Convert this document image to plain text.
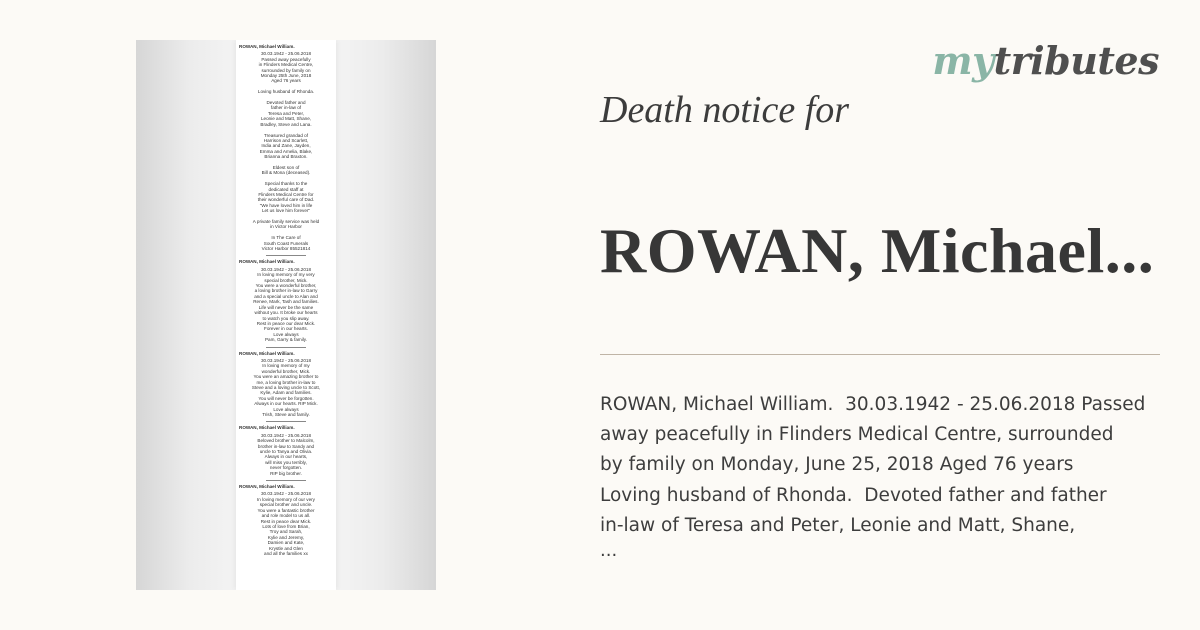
ROWAN, Michael William.
30.03.1942 - 25.06.2018
Passed away peacefully
in Flinders Medical Centre,
surrounded by family on
Monday 25th June, 2018
Aged 76 years

Loving husband of Rhonda.

Devoted father and
father in-law of
Teresa and Peter,
Leonie and Matt, Shane,
Bradley, Steve and Lana.

Treasured grandad of
Harrison and Scarlett,
India and Zane, Jayden,
Emma and Amelia, Blake,
Brianna and Braxton.

Eldest son of
Bill & Mona (deceased).

Special thanks to the
dedicated staff at
Flinders Medical Centre for
their wonderful care of Dad.
"We have loved him in life
Let us love him forever"

A private family service was held
in Victor Harbor

In The Care of
South Coast Funerals
Victor Harbor 85521814
ROWAN, Michael William.
30.03.1942 - 25.06.2018
In loving memory of my very
special brother, Mick.
You were a wonderful brother,
a loving brother in-law to Garry
and a special uncle to Alan and
Renee, Mark, Tash and families.
Life will never be the same
without you. It broke our hearts
to watch you slip away.
Rest in peace our dear Mick.
Forever in our hearts.
Love always
Pam, Garry & family.
ROWAN, Michael William.
30.03.1942 - 25.06.2018
In loving memory of my
wonderful brother, Mick.
You were an amazing brother to
me, a loving brother in-law to
Steve and a loving uncle to Scott,
Kylie, Adam and families.
You will never be forgotten.
Always in our hearts. RIP Mick.
Love always
Trish, Steve and family.
ROWAN, Michael William.
30.03.1942 - 25.06.2018
Beloved brother to Malcolm,
brother in-law to Sandy and
uncle to Tanya and Olivia.
Always in our hearts,
will miss you terribly,
never forgotten.
RIP big brother.
ROWAN, Michael William.
30.03.1942 - 25.06.2018
In loving memory of our very
special brother and uncle.
You were a fantastic brother
and role model to us all.
Rest in peace dear Mick.
Lots of love from Brian,
Troy and Sarah,
Kylie and Jeremy,
Damien and Kate,
Krystle and Glen
and all the families xx
mytributes
Death notice for
ROWAN, Michael...
ROWAN, Michael William.  30.03.1942 - 25.06.2018 Passed
away peacefully in Flinders Medical Centre, surrounded
by family on Monday, June 25, 2018 Aged 76 years
Loving husband of Rhonda.  Devoted father and father
in-law of Teresa and Peter, Leonie and Matt, Shane,
...
